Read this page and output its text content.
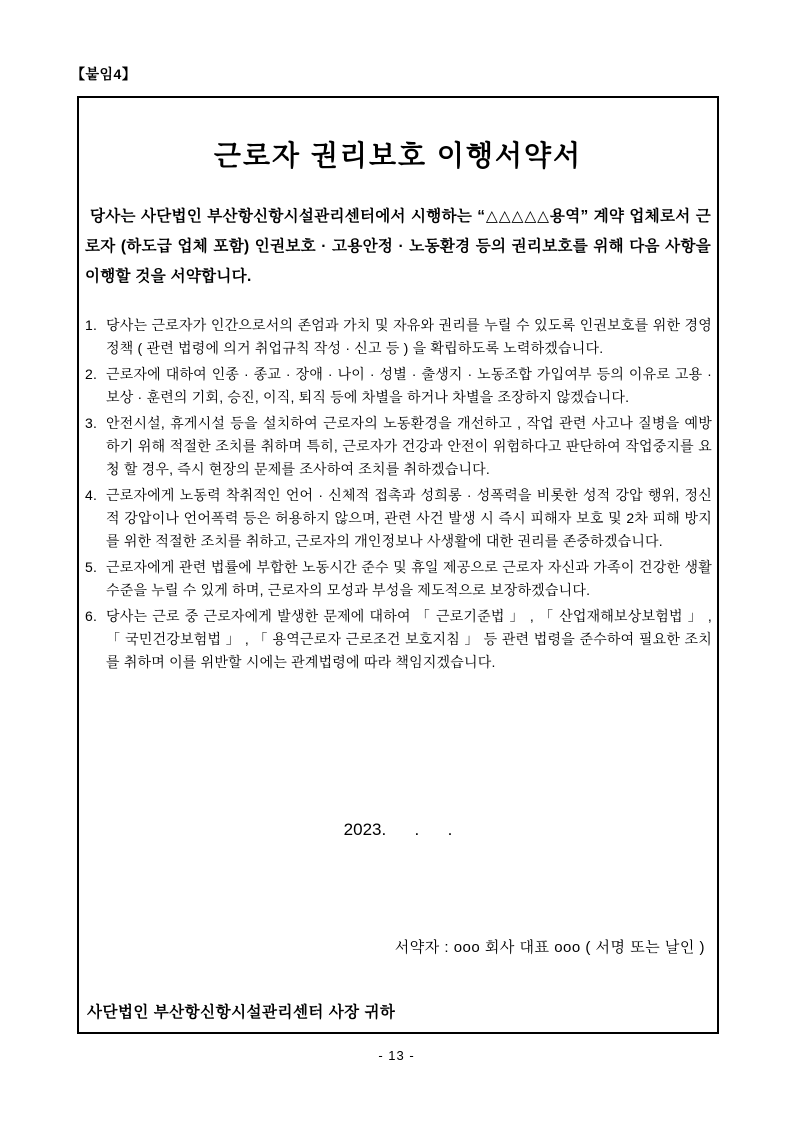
【붙임4】
근로자 권리보호 이행서약서

당사는 사단법인 부산항신항시설관리센터에서 시행하는 “△△△△△용역” 계약 업체로서 근로자 (하도급 업체 포함) 인권보호 · 고용안정 · 노동환경 등의 권리보호를 위해 다음 사항을 이행할 것을 서약합니다.

1. 당사는 근로자가 인간으로서의 존엄과 가치 및 자유와 권리를 누릴 수 있도록 인권보호를 위한 경영정책 ( 관련 법령에 의거 취업규칙 작성 · 신고 등 ) 을 확립하도록 노력하겠습니다.
2. 근로자에 대하여 인종 · 종교 · 장애 · 나이 · 성별 · 출생지 · 노동조합 가입여부 등의 이유로 고용 · 보상 · 훈련의 기회, 승진, 이직, 퇴직 등에 차별을 하거나 차별을 조장하지 않겠습니다.
3. 안전시설, 휴게시설 등을 설치하여 근로자의 노동환경을 개선하고 , 작업 관련 사고나 질병을 예방하기 위해 적절한 조치를 취하며 특히, 근로자가 건강과 안전이 위험하다고 판단하여 작업중지를 요청 할 경우, 즉시 현장의 문제를 조사하여 조치를 취하겠습니다.
4. 근로자에게 노동력 착취적인 언어 · 신체적 접촉과 성희롱 · 성폭력을 비롯한 성적 강압 행위, 정신적 강압이나 언어폭력 등은 허용하지 않으며, 관련 사건 발생 시 즉시 피해자 보호 및 2차 피해 방지를 위한 적절한 조치를 취하고, 근로자의 개인정보나 사생활에 대한 권리를 존중하겠습니다.
5. 근로자에게 관련 법률에 부합한 노동시간 준수 및 휴일 제공으로 근로자 자신과 가족이 건강한 생활수준을 누릴 수 있게 하며, 근로자의 모성과 부성을 제도적으로 보장하겠습니다.
6. 당사는 근로 중 근로자에게 발생한 문제에 대하여 「 근로기준법 」 , 「 산업재해보상보험법 」 , 「 국민건강보험법 」 , 「 용역근로자 근로조건 보호지침 」 등 관련 법령을 준수하여 필요한 조치를 취하며 이를 위반할 시에는 관계법령에 따라 책임지겠습니다.
2023.      .      .
서약자 : ooo 회사 대표 ooo ( 서명 또는 날인 )
사단법인 부산항신항시설관리센터 사장 귀하
- 13 -
